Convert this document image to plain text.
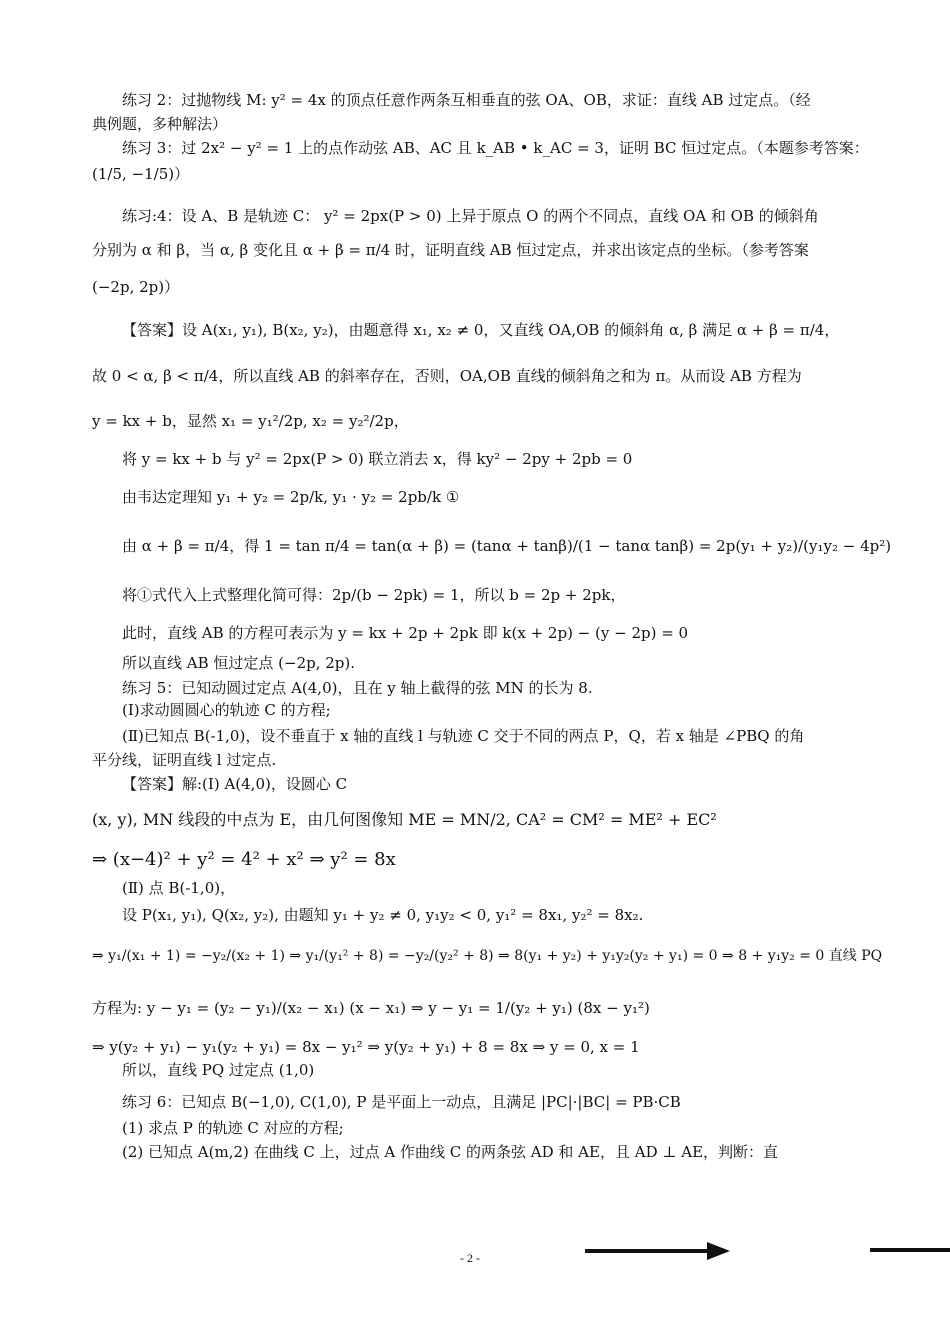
练习 2：过抛物线 M: y² = 4x 的顶点任意作两条互相垂直的弦 OA、OB，求证：直线 AB 过定点。（经

典例题，多种解法）

练习 3：过 2x² − y² = 1 上的点作动弦 AB、AC 且 k_AB • k_AC = 3，证明 BC 恒过定点。（本题参考答案：

(1/5, −1/5)）

练习:4：设 A、B 是轨迹 C： y² = 2px(P > 0) 上异于原点 O 的两个不同点，直线 OA 和 OB 的倾斜角

分别为 α 和 β，当 α, β 变化且 α + β = π/4 时，证明直线 AB 恒过定点，并求出该定点的坐标。（参考答案

(−2p, 2p)）

【答案】设 A(x₁, y₁), B(x₂, y₂)，由题意得 x₁, x₂ ≠ 0，又直线 OA,OB 的倾斜角 α, β 满足 α + β = π/4，

故 0 < α, β < π/4，所以直线 AB 的斜率存在，否则，OA,OB 直线的倾斜角之和为 π。从而设 AB 方程为

y = kx + b，显然 x₁ = y₁²/2p, x₂ = y₂²/2p，

将 y = kx + b 与 y² = 2px(P > 0) 联立消去 x，得 ky² − 2py + 2pb = 0

由韦达定理知 y₁ + y₂ = 2p/k, y₁ · y₂ = 2pb/k ①

由 α + β = π/4，得 1 = tan π/4 = tan(α + β) = (tanα + tanβ)/(1 − tanα tanβ) = 2p(y₁ + y₂)/(y₁y₂ − 4p²)

将①式代入上式整理化简可得：2p/(b − 2pk) = 1，所以 b = 2p + 2pk，

此时，直线 AB 的方程可表示为 y = kx + 2p + 2pk 即 k(x + 2p) − (y − 2p) = 0

所以直线 AB 恒过定点 (−2p, 2p).

练习 5：已知动圆过定点 A(4,0)，且在 y 轴上截得的弦 MN 的长为 8.

(Ⅰ)求动圆圆心的轨迹 C 的方程;

(Ⅱ)已知点 B(-1,0)，设不垂直于 x 轴的直线 l 与轨迹 C 交于不同的两点 P，Q，若 x 轴是 ∠PBQ 的角

平分线，证明直线 l 过定点.

【答案】解:(Ⅰ) A(4,0)，设圆心 C

(x, y), MN 线段的中点为 E，由几何图像知 ME = MN/2, CA² = CM² = ME² + EC²

⇒ (x−4)² + y² = 4² + x² ⇒ y² = 8x

(Ⅱ) 点 B(-1,0)，

设 P(x₁, y₁), Q(x₂, y₂), 由题知 y₁ + y₂ ≠ 0, y₁y₂ < 0, y₁² = 8x₁, y₂² = 8x₂.

⇒ y₁/(x₁ + 1) = −y₂/(x₂ + 1) ⇒ y₁/(y₁² + 8) = −y₂/(y₂² + 8) ⇒ 8(y₁ + y₂) + y₁y₂(y₂ + y₁) = 0 ⇒ 8 + y₁y₂ = 0 直线 PQ

方程为: y − y₁ = (y₂ − y₁)/(x₂ − x₁) (x − x₁) ⇒ y − y₁ = 1/(y₂ + y₁) (8x − y₁²)

⇒ y(y₂ + y₁) − y₁(y₂ + y₁) = 8x − y₁² ⇒ y(y₂ + y₁) + 8 = 8x ⇒ y = 0, x = 1

所以，直线 PQ 过定点 (1,0)

练习 6：已知点 B(−1,0), C(1,0), P 是平面上一动点，且满足 |PC|·|BC| = PB·CB

(1) 求点 P 的轨迹 C 对应的方程;

(2) 已知点 A(m,2) 在曲线 C 上，过点 A 作曲线 C 的两条弦 AD 和 AE，且 AD ⊥ AE，判断：直

- 2 -
